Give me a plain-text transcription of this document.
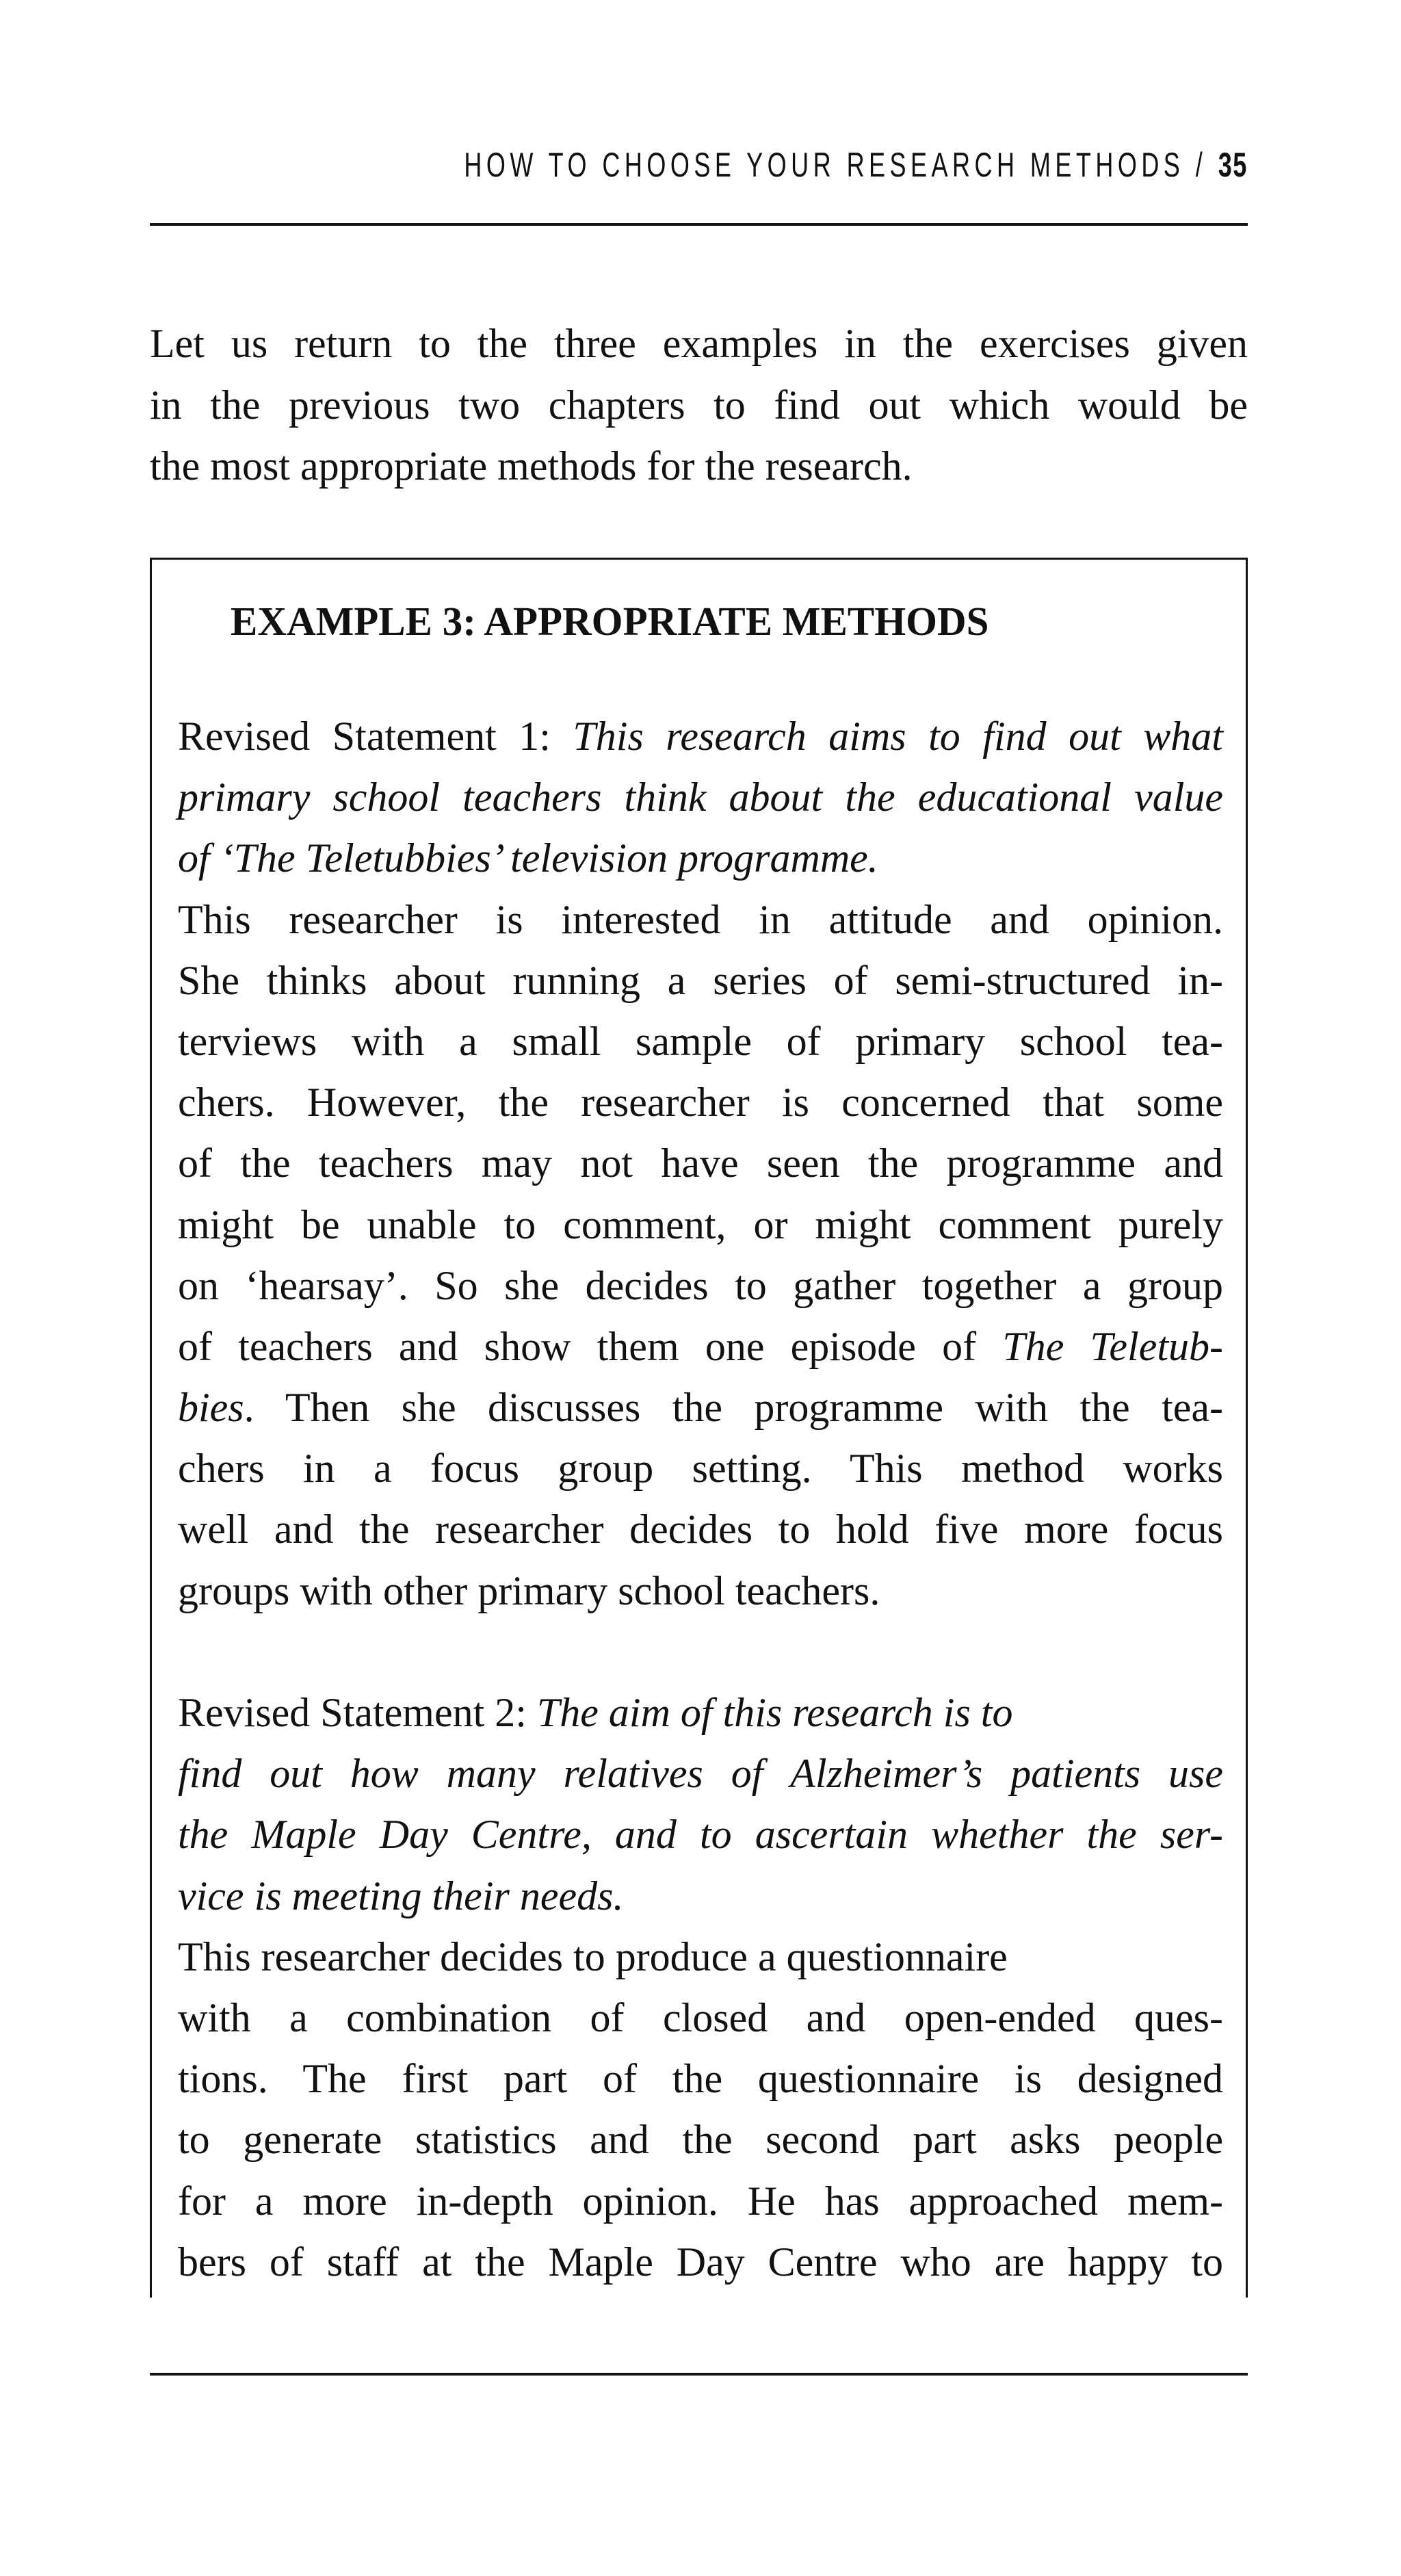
HOW TO CHOOSE YOUR RESEARCH METHODS / 35
Let us return to the three examples in the exercises given
in the previous two chapters to find out which would be
the most appropriate methods for the research.
EXAMPLE 3: APPROPRIATE METHODS
Revised Statement 1: This research aims to find out what
primary school teachers think about the educational value
of ‘The Teletubbies’ television programme.
This researcher is interested in attitude and opinion.
She thinks about running a series of semi-structured in-
terviews with a small sample of primary school tea-
chers. However, the researcher is concerned that some
of the teachers may not have seen the programme and
might be unable to comment, or might comment purely
on ‘hearsay’. So she decides to gather together a group
of teachers and show them one episode of The Teletub-
bies. Then she discusses the programme with the tea-
chers in a focus group setting. This method works
well and the researcher decides to hold five more focus
groups with other primary school teachers.
Revised Statement 2: The aim of this research is to
find out how many relatives of Alzheimer’s patients use
the Maple Day Centre, and to ascertain whether the ser-
vice is meeting their needs.
This researcher decides to produce a questionnaire
with a combination of closed and open-ended ques-
tions. The first part of the questionnaire is designed
to generate statistics and the second part asks people
for a more in-depth opinion. He has approached mem-
bers of staff at the Maple Day Centre who are happy to
